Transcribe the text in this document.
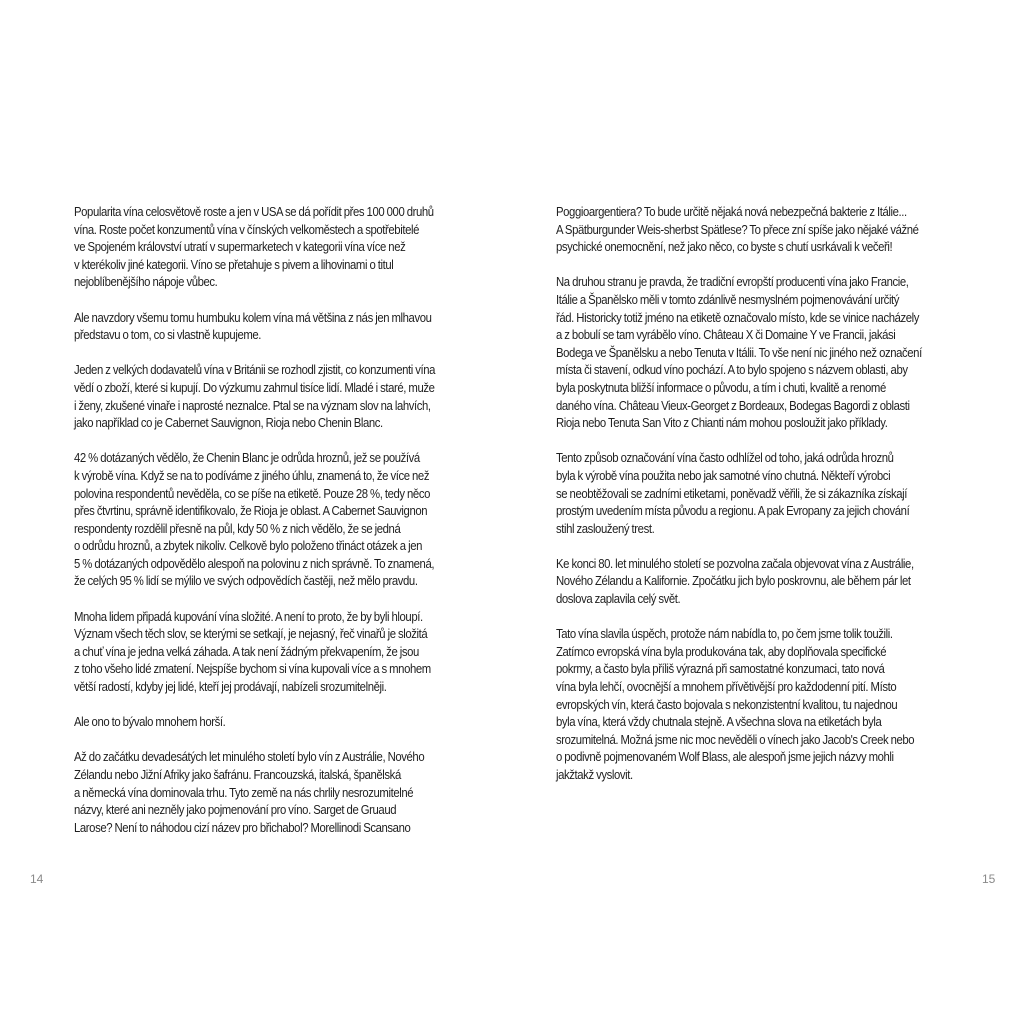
Popularita vína celosvětově roste a jen v USA se dá pořídit přes 100 000 druhů
vína. Roste počet konzumentů vína v čínských velkoměstech a spotřebitelé
ve Spojeném království utratí v supermarketech v kategorii vína více než
v kterékoliv jiné kategorii. Víno se přetahuje s pivem a lihovinami o titul
nejoblíbenějšího nápoje vůbec.

Ale navzdory všemu tomu humbuku kolem vína má většina z nás jen mlhavou
představu o tom, co si vlastně kupujeme.

Jeden z velkých dodavatelů vína v Británii se rozhodl zjistit, co konzumenti vína
vědí o zboží, které si kupují. Do výzkumu zahrnul tisíce lidí. Mladé i staré, muže
i ženy, zkušené vinaře i naprosté neznalce. Ptal se na význam slov na lahvích,
jako například co je Cabernet Sauvignon, Rioja nebo Chenin Blanc.

42 % dotázaných vědělo, že Chenin Blanc je odrůda hroznů, jež se používá
k výrobě vína. Když se na to podíváme z jiného úhlu, znamená to, že více než
polovina respondentů nevěděla, co se píše na etiketě. Pouze 28 %, tedy něco
přes čtvrtinu, správně identifikovalo, že Rioja je oblast. A Cabernet Sauvignon
respondenty rozdělil přesně na půl, kdy 50 % z nich vědělo, že se jedná
o odrůdu hroznů, a zbytek nikoliv. Celkově bylo položeno třináct otázek a jen
5 % dotázaných odpovědělo alespoň na polovinu z nich správně. To znamená,
že celých 95 % lidí se mýlilo ve svých odpovědích častěji, než mělo pravdu.

Mnoha lidem připadá kupování vína složité. A není to proto, že by byli hloupí.
Význam všech těch slov, se kterými se setkají, je nejasný, řeč vinařů je složitá
a chuť vína je jedna velká záhada. A tak není žádným překvapením, že jsou
z toho všeho lidé zmatení. Nejspíše bychom si vína kupovali více a s mnohem
větší radostí, kdyby jej lidé, kteří jej prodávají, nabízeli srozumitelněji.

Ale ono to bývalo mnohem horší.

Až do začátku devadesátých let minulého století bylo vín z Austrálie, Nového
Zélandu nebo Jižní Afriky jako šafránu. Francouzská, italská, španělská
a německá vína dominovala trhu. Tyto země na nás chrlily nesrozumitelné
názvy, které ani nezněly jako pojmenování pro víno. Sarget de Gruaud
Larose? Není to náhodou cizí název pro břichabol? Morellinodi Scansano

14

Poggioargentiera? To bude určitě nějaká nová nebezpečná bakterie z Itálie...
A Spätburgunder Weis-sherbst Spätlese? To přece zní spíše jako nějaké vážné
psychické onemocnění, než jako něco, co byste s chutí usrkávali k večeři!

Na druhou stranu je pravda, že tradiční evropští producenti vína jako Francie,
Itálie a Španělsko měli v tomto zdánlivě nesmyslném pojmenovávání určitý
řád. Historicky totiž jméno na etiketě označovalo místo, kde se vinice nacházely
a z bobulí se tam vyrábělo víno. Château X či Domaine Y ve Francii, jakási
Bodega ve Španělsku a nebo Tenuta v Itálii. To vše není nic jiného než označení
místa či stavení, odkud víno pochází. A to bylo spojeno s názvem oblasti, aby
byla poskytnuta bližší informace o původu, a tím i chuti, kvalitě a renomé
daného vína. Château Vieux-Georget z Bordeaux, Bodegas Bagordi z oblasti
Rioja nebo Tenuta San Vito z Chianti nám mohou posloužit jako příklady.

Tento způsob označování vína často odhlížel od toho, jaká odrůda hroznů
byla k výrobě vína použita nebo jak samotné víno chutná. Někteří výrobci
se neobtěžovali se zadními etiketami, poněvadž věřili, že si zákazníka získají
prostým uvedením místa původu a regionu. A pak Evropany za jejich chování
stihl zasloužený trest.

Ke konci 80. let minulého století se pozvolna začala objevovat vína z Austrálie,
Nového Zélandu a Kalifornie. Zpočátku jich bylo poskrovnu, ale během pár let
doslova zaplavila celý svět.

Tato vína slavila úspěch, protože nám nabídla to, po čem jsme tolik toužili.
Zatímco evropská vína byla produkována tak, aby doplňovala specifické
pokrmy, a často byla příliš výrazná při samostatné konzumaci, tato nová
vína byla lehčí, ovocnější a mnohem přívětivější pro každodenní pití. Místo
evropských vín, která často bojovala s nekonzistentní kvalitou, tu najednou
byla vína, která vždy chutnala stejně. A všechna slova na etiketách byla
srozumitelná. Možná jsme nic moc nevěděli o vínech jako Jacob's Creek nebo
o podivně pojmenovaném Wolf Blass, ale alespoň jsme jejich názvy mohli
jakžtakž vyslovit.

15
